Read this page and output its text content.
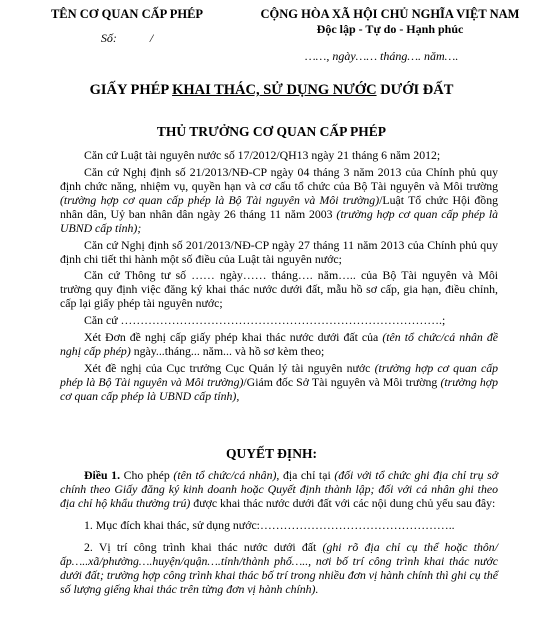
TÊN CƠ QUAN CẤP PHÉP
Số:           /
CỘNG HÒA XÃ HỘI CHỦ NGHĨA VIỆT NAM
Độc lập - Tự do - Hạnh phúc
……, ngày…… tháng…. năm….
GIẤY PHÉP KHAI THÁC, SỬ DỤNG NƯỚC DƯỚI ĐẤT
THỦ TRƯỞNG CƠ QUAN CẤP PHÉP

Căn cứ Luật tài nguyên nước số 17/2012/QH13 ngày 21 tháng 6 năm 2012;

Căn cứ Nghị định số 21/2013/NĐ-CP ngày 04 tháng 3 năm 2013 của Chính phủ quy định chức năng, nhiệm vụ, quyền hạn và cơ cấu tổ chức của Bộ Tài nguyên và Môi trường (trường hợp cơ quan cấp phép là Bộ Tài nguyên và Môi trường)/Luật Tổ chức Hội đồng nhân dân, Uỷ ban nhân dân ngày 26 tháng 11 năm 2003 (trường hợp cơ quan cấp phép là UBND cấp tỉnh);

Căn cứ Nghị định số 201/2013/NĐ-CP ngày 27 tháng 11 năm 2013 của Chính phủ quy định chi tiết thi hành một số điều của Luật tài nguyên nước;

Căn cứ Thông tư số …… ngày…… tháng…. năm….. của Bộ Tài nguyên và Môi trường quy định việc đăng ký khai thác nước dưới đất, mẫu hồ sơ cấp, gia hạn, điều chỉnh, cấp lại giấy phép tài nguyên nước;

Căn cứ ……………………………………………………………………….;

Xét Đơn đề nghị cấp giấy phép khai thác nước dưới đất của (tên tổ chức/cá nhân đề nghị cấp phép) ngày...tháng... năm... và hồ sơ kèm theo;

Xét đề nghị của Cục trưởng Cục Quản lý tài nguyên nước (trường hợp cơ quan cấp phép là Bộ Tài nguyên và Môi trường)/Giám đốc Sở Tài nguyên và Môi trường (trường hợp cơ quan cấp phép là UBND cấp tỉnh),

QUYẾT ĐỊNH:

Điều 1. Cho phép (tên tổ chức/cá nhân), địa chỉ tại (đối với tổ chức ghi địa chỉ trụ sở chính theo Giấy đăng ký kinh doanh hoặc Quyết định thành lập; đối với cá nhân ghi theo địa chỉ hộ khẩu thường trú) được khai thác nước dưới đất với các nội dung chủ yếu sau đây:

1. Mục đích khai thác, sử dụng nước:…………………………………………..

2. Vị trí công trình khai thác nước dưới đất (ghi rõ địa chỉ cụ thể hoặc thôn/ấp…..xã/phường….huyện/quận….tỉnh/thành phố….., nơi bố trí công trình khai thác nước dưới đất; trường hợp công trình khai thác bố trí trong nhiều đơn vị hành chính thì ghi cụ thể số lượng giếng khai thác trên từng đơn vị hành chính).
